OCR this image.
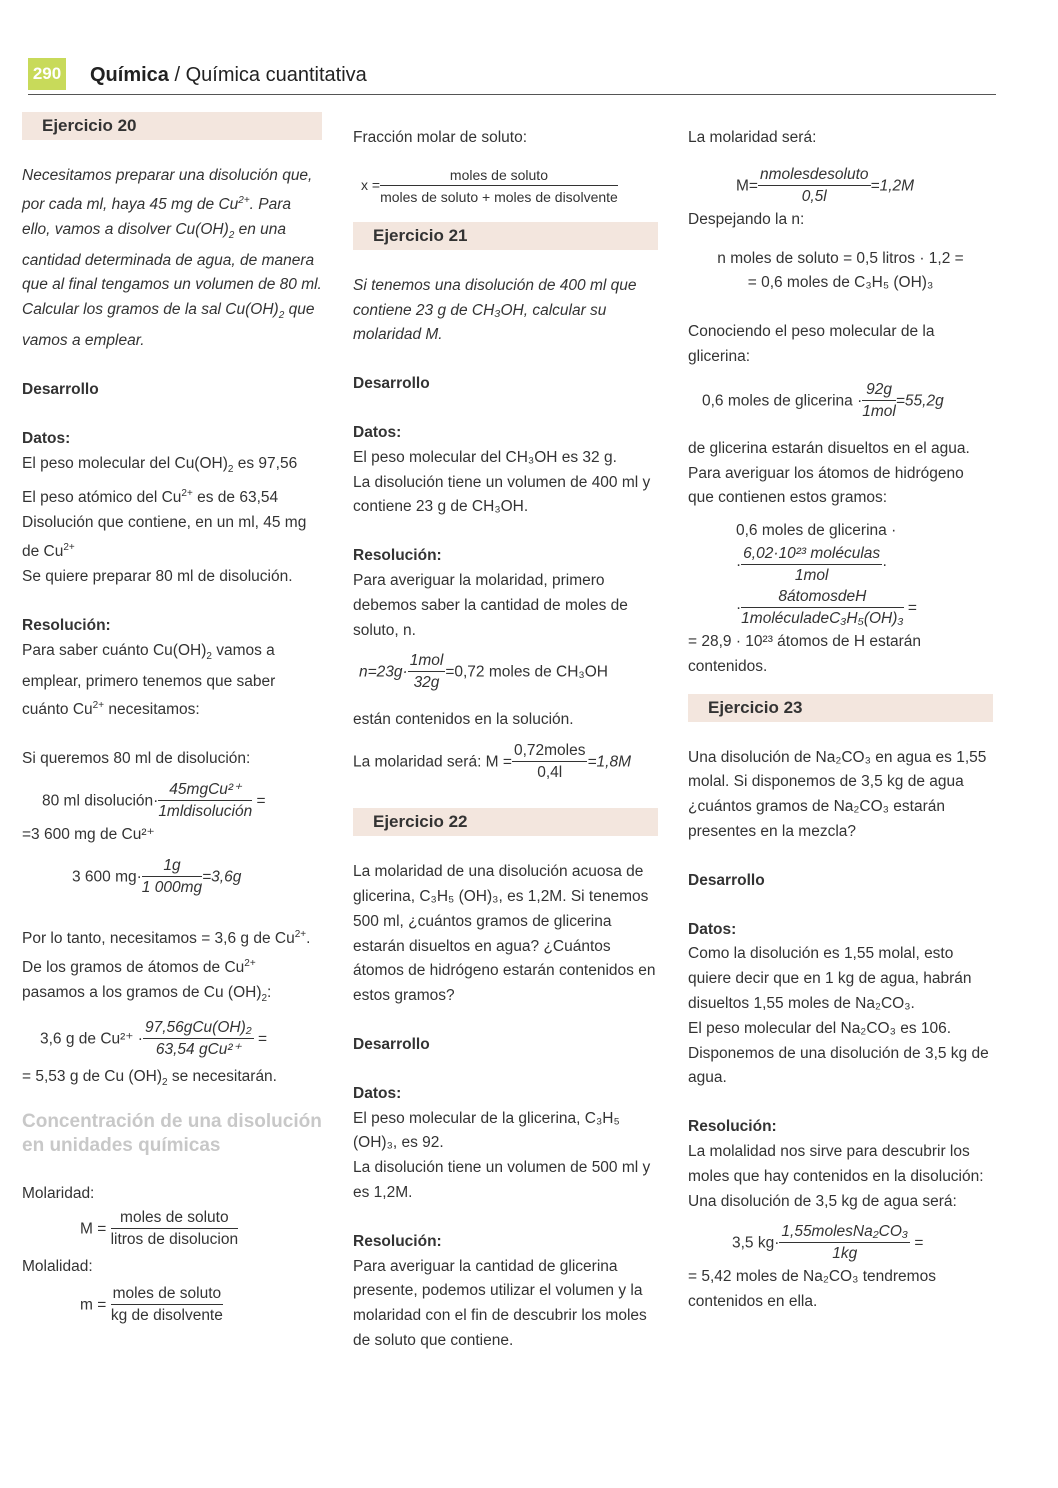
290 Química / Química cuantitativa
Ejercicio 20

Necesitamos preparar una disolución que, por cada ml, haya 45 mg de $Cu^{2+}$. Para ello, vamos a disolver $Cu(OH)_2$ en una cantidad determinada de agua, de manera que al final tengamos un volumen de 80 ml.
Calcular los gramos de la sal $Cu(OH)_2$ que vamos a emplear.

Desarrollo

Datos:

El peso molecular del $Cu(OH)_2$ es 97,56
El peso atómico del $Cu^{2+}$ es de 63,54
Disolución que contiene, en un ml, 45 mg de $Cu^{2+}$
Se quiere preparar 80 ml de disolución.

Resolución:

Para saber cuánto $Cu(OH)_2$ vamos a emplear, primero tenemos que saber cuánto $Cu^{2+}$ necesitamos:

Si queremos 80 ml de disolución:

80 ml disolución· $\frac{\text{45mgCu²⁺}}{\text{1mldisolución}}$ =
=3 600 mg de Cu²⁺
3 600 $mg\cdot \frac{1g}{1 000mg} =3,6g$

Por lo tanto, necesitamos = 3,6 g de $Cu^{2+}$.
De los gramos de átomos de $Cu^{2+}$ pasamos a los gramos de Cu $(OH)_2$:

3,6 g de $Cu^{2+} \cdot \frac{\text{97,56gCu(OH)₂}}{\text{63,54 gCu²⁺}}$ =

= 5,53 g de Cu $(OH)_2$ se necesitarán.

Concentración de una disolución en unidades químicas

Molaridad:

$M = \frac{\text{moles de soluto}}{\text{litros de disolucion}}$

Molalidad:

$m = \frac{\text{moles de soluto}}{\text{kg de disolvente}}$

Fracción molar de soluto:

$x = \frac{\text{moles de soluto}}{\text{moles de soluto + moles de disolvente}}$
Ejercicio 21

Si tenemos una disolución de 400 ml que contiene 23 g de CH₃OH, calcular su molaridad M.

Desarrollo

Datos:

El peso molecular del CH₃OH es 32 g.

La disolución tiene un volumen de 400 ml y contiene 23 g de CH₃OH.

Resolución:

Para averiguar la molaridad, primero debemos saber la cantidad de moles de soluto, n.

$n=23g\cdot \frac{\text{1mol}}{32g} =0,72$ moles de CH₃OH

están contenidos en la solución.

La molaridad será: $M = \frac{\text{0,72moles}}{0,4l} =1,8M$
Ejercicio 22

La molaridad de una disolución acuosa de glicerina, C₃H₅ (OH)₃, es 1,2M. Si tenemos 500 ml, ¿cuántos gramos de glicerina estarán disueltos en agua? ¿Cuántos átomos de hidrógeno estarán contenidos en estos gramos?

Desarrollo

Datos:

El peso molecular de la glicerina, C₃H₅ (OH)₃, es 92.

La disolución tiene un volumen de 500 ml y es 1,2M.

Resolución:

Para averiguar la cantidad de glicerina presente, podemos utilizar el volumen y la molaridad con el fin de descubrir los moles de soluto que contiene.

La molaridad será:

$M= \frac{\text{nmolesdesoluto}}{0,5l} =1,2M$

Despejando la n:

n moles de soluto = 0,5 litros · 1,2 =
= 0,6 moles de C₃H₅ (OH)₃

Conociendo el peso molecular de la glicerina:

0,6 moles de glicerina · $\frac{92g}{\text{1mol}} =55,2g$

de glicerina estarán disueltos en el agua. Para averiguar los átomos de hidrógeno que contienen estos gramos:

0,6 moles de glicerina ·
· $\frac{\text{6,02·10²³ moléculas}}{\text{1mol}}$ ·
· $\frac{\text{8átomosdeH}}{\text{1moléculadeC₃H₅(OH)₃}}$ =

= 28,9 · 10²³ átomos de H estarán contenidos.

Ejercicio 23

Una disolución de Na₂CO₃ en agua es 1,55 molal. Si disponemos de 3,5 kg de agua ¿cuántos gramos de Na₂CO₃ estarán presentes en la mezcla?

Desarrollo

Datos:

Como la disolución es 1,55 molal, esto quiere decir que en 1 kg de agua, habrán disueltos 1,55 moles de Na₂CO₃.

El peso molecular del Na₂CO₃ es 106.

Disponemos de una disolución de 3,5 kg de agua.

Resolución:

La molalidad nos sirve para descubrir los moles que hay contenidos en la disolución: Una disolución de 3,5 kg de agua será:

3,5 $kg\cdot \frac{\text{1,55molesNa₂CO₃}}{1kg}$ =

= 5,42 moles de Na₂CO₃ tendremos contenidos en ella.
